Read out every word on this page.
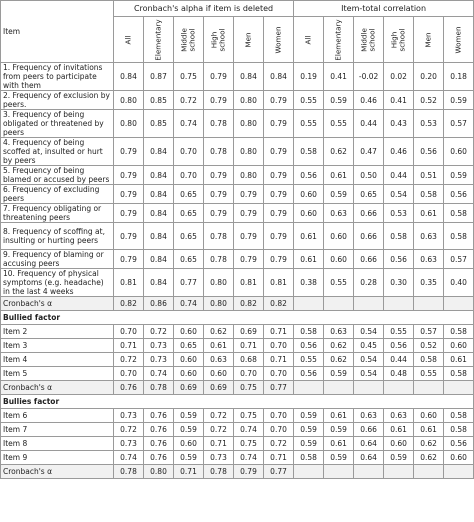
Item	Cronbach's alpha if item is deleted						Item-total correlation					

	All	Elementary	Middle school	High school	Men	Women	All	Elementary	Middle school	High school	Men	Women

1. Frequency of invitations from peers to participate with them	0.84	0.87	0.75	0.79	0.84	0.84	0.19	0.41	-0.02	0.02	0.20	0.18
2. Frequency of exclusion by peers.	0.80	0.85	0.72	0.79	0.80	0.79	0.55	0.59	0.46	0.41	0.52	0.59
3. Frequency of being obligated or threatened by peers	0.80	0.85	0.74	0.78	0.80	0.79	0.55	0.55	0.44	0.43	0.53	0.57
4. Frequency of being scoffed at, insulted or hurt by peers	0.79	0.84	0.70	0.78	0.80	0.79	0.58	0.62	0.47	0.46	0.56	0.60
5. Frequency of being blamed or accused by peers	0.79	0.84	0.70	0.79	0.80	0.79	0.56	0.61	0.50	0.44	0.51	0.59
6. Frequency of excluding peers	0.79	0.84	0.65	0.79	0.79	0.79	0.60	0.59	0.65	0.54	0.58	0.56
7. Frequency obligating or threatening peers	0.79	0.84	0.65	0.79	0.79	0.79	0.60	0.63	0.66	0.53	0.61	0.58
8. Frequency of scoffing at, insulting or hurting peers	0.79	0.84	0.65	0.78	0.79	0.79	0.61	0.60	0.66	0.58	0.63	0.58
9. Frequency of blaming or accusing peers	0.79	0.84	0.65	0.78	0.79	0.79	0.61	0.60	0.66	0.56	0.63	0.57
10. Frequency of physical symptoms (e.g. headache) in the last 4 weeks	0.81	0.84	0.77	0.80	0.81	0.81	0.38	0.55	0.28	0.30	0.35	0.40
Cronbach's α	0.82	0.86	0.74	0.80	0.82	0.82						
Bullied factor												
Item 2	0.70	0.72	0.60	0.62	0.69	0.71	0.58	0.63	0.54	0.55	0.57	0.58
Item 3	0.71	0.73	0.65	0.61	0.71	0.70	0.56	0.62	0.45	0.56	0.52	0.60
Item 4	0.72	0.73	0.60	0.63	0.68	0.71	0.55	0.62	0.54	0.44	0.58	0.61
Item 5	0.70	0.74	0.60	0.60	0.70	0.70	0.56	0.59	0.54	0.48	0.55	0.58
Cronbach's α	0.76	0.78	0.69	0.69	0.75	0.77						
Bullies factor												
Item 6	0.73	0.76	0.59	0.72	0.75	0.70	0.59	0.61	0.63	0.63	0.60	0.58
Item 7	0.72	0.76	0.59	0.72	0.74	0.70	0.59	0.59	0.66	0.61	0.61	0.58
Item 8	0.73	0.76	0.60	0.71	0.75	0.72	0.59	0.61	0.64	0.60	0.62	0.56
Item 9	0.74	0.76	0.59	0.73	0.74	0.71	0.58	0.59	0.64	0.59	0.62	0.60
Cronbach's α	0.78	0.80	0.71	0.78	0.79	0.77						
